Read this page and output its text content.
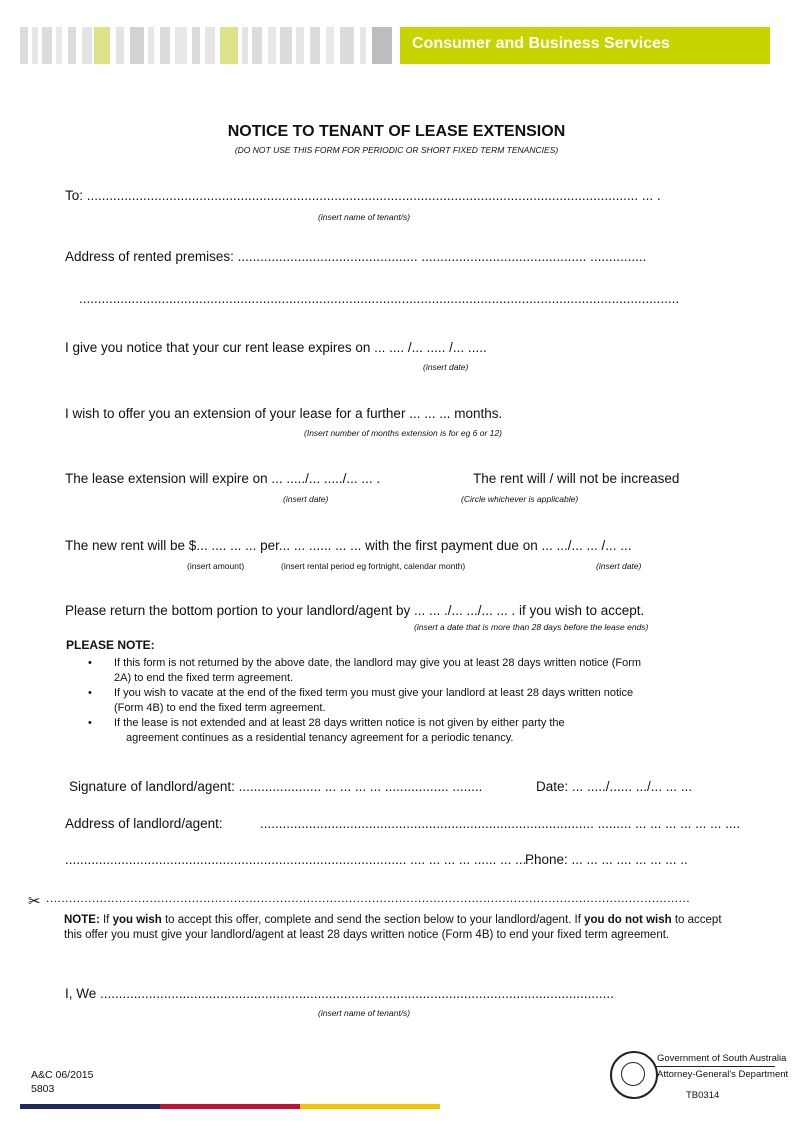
Consumer and Business Services
NOTICE TO TENANT OF LEASE EXTENSION
(DO NOT USE THIS FORM FOR PERIODIC OR SHORT FIXED TERM TENANCIES)
To: ................................................................................................................................................... ... .
(insert name of tenant/s)
Address of rented premises: ................................................ ............................................ ...............
................................................................................................................................................................
I give you notice that your cur rent lease expires on ... .... /... ..... /... .....
(insert date)
I wish to offer you an extension of your lease for a further ... ... ... months.
(Insert number of months extension is for eg 6 or 12)
The lease extension will expire on ... ...../... ...../... ... .	The rent will / will not be increased
(insert date)	(Circle whichever is applicable)
The new rent will be $... .... ... ... per... ... ...... ... ... with the first payment due on ... .../... ... /... ...
(insert amount)	(insert rental period eg fortnight, calendar month)	(insert date)
Please return the bottom portion to your landlord/agent by ... ... ./... .../... ... . if you wish to accept.
(insert a date that is more than 28 days before the lease ends)
PLEASE NOTE:
• If this form is not returned by the above date, the landlord may give you at least 28 days written notice (Form
2A) to end the fixed term agreement.
• If you wish to vacate at the end of the fixed term you must give your landlord at least 28 days written notice
(Form 4B) to end the fixed term agreement.
• If the lease is not extended and at least 28 days written notice is not given by either party the
agreement continues as a residential tenancy agreement for a periodic tenancy.
Signature of landlord/agent: ...................... ... ... ... ... ................. ........	Date: ... ...../...... .../... ... ...
Address of landlord/agent:	......................................................................................... ......... ... ... ... ... ... ... ....
........................................................................................... .... ... ... ... ...... ... ... ...
Phone: ... ... ... .... ... ... ... ..
✂ ........................................................................................................................................................................
NOTE: If you wish to accept this offer, complete and send the section below to your landlord/agent. If you do not wish to accept this offer you must give your landlord/agent at least 28 days written notice (Form 4B) to end your fixed term agreement.
I, We .........................................................................................................................................
(insert name of tenant/s)
A&C 06/2015
5803
Government of South Australia
Attorney-General's Department
TB0314
